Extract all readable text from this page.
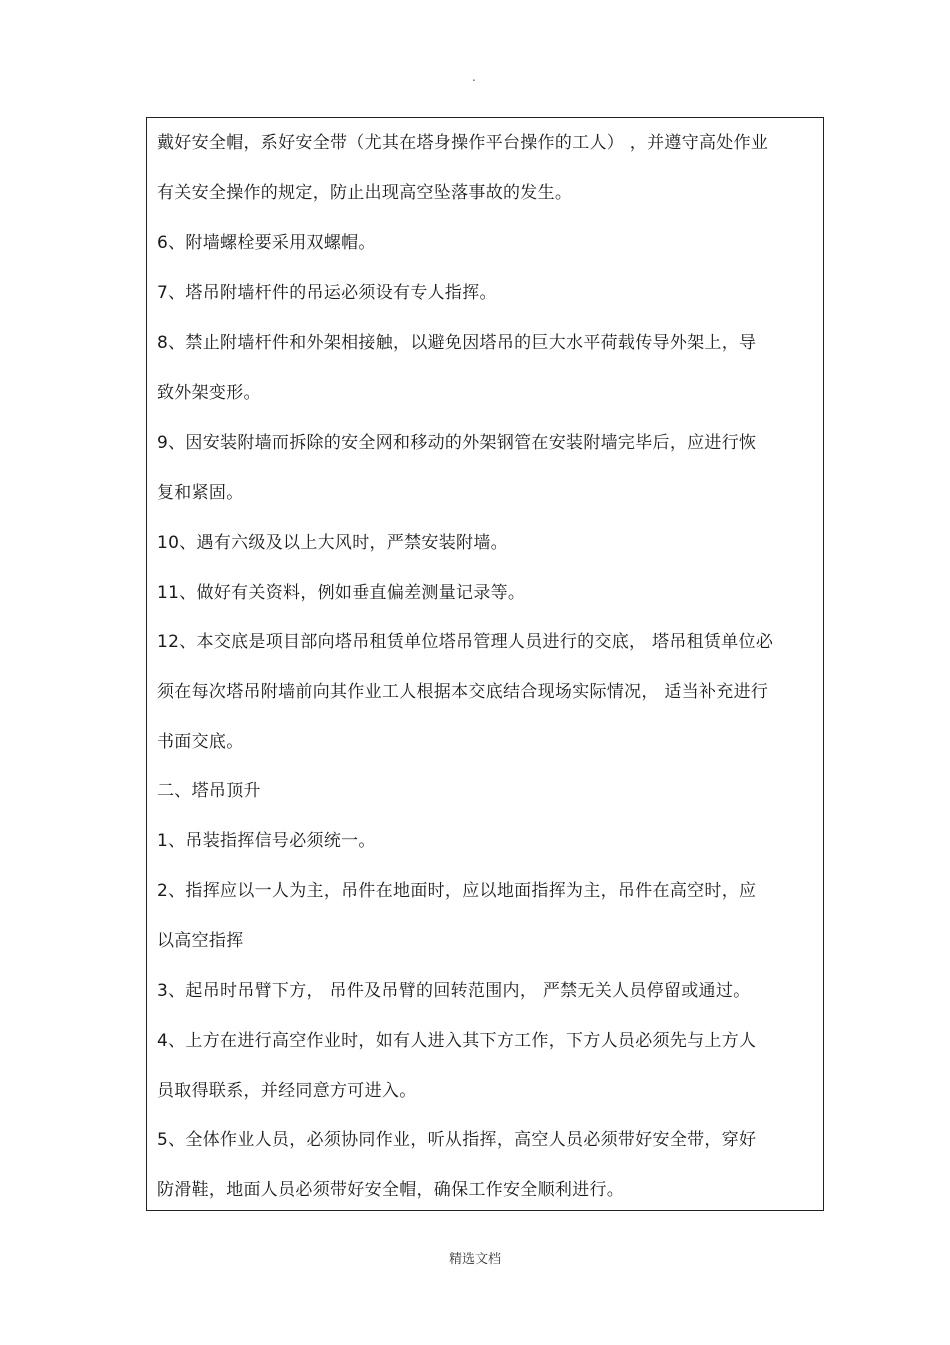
.
戴好安全帽，系好安全带（尤其在塔身操作平台操作的工人） ，并遵守高处作业
有关安全操作的规定，防止出现高空坠落事故的发生。
6、附墙螺栓要采用双螺帽。
7、塔吊附墙杆件的吊运必须设有专人指挥。
8、禁止附墙杆件和外架相接触，以避免因塔吊的巨大水平荷载传导外架上，导
致外架变形。
9、因安装附墙而拆除的安全网和移动的外架钢管在安装附墙完毕后，应进行恢
复和紧固。
10、遇有六级及以上大风时，严禁安装附墙。
11、做好有关资料，例如垂直偏差测量记录等。
12、本交底是项目部向塔吊租赁单位塔吊管理人员进行的交底， 塔吊租赁单位必
须在每次塔吊附墙前向其作业工人根据本交底结合现场实际情况， 适当补充进行
书面交底。
二、塔吊顶升
1、吊装指挥信号必须统一。
2、指挥应以一人为主，吊件在地面时，应以地面指挥为主，吊件在高空时，应
以高空指挥
3、起吊时吊臂下方， 吊件及吊臂的回转范围内， 严禁无关人员停留或通过。
4、上方在进行高空作业时，如有人进入其下方工作，下方人员必须先与上方人
员取得联系，并经同意方可进入。
5、全体作业人员，必须协同作业，听从指挥，高空人员必须带好安全带，穿好
防滑鞋，地面人员必须带好安全帽，确保工作安全顺利进行。
精选文档
